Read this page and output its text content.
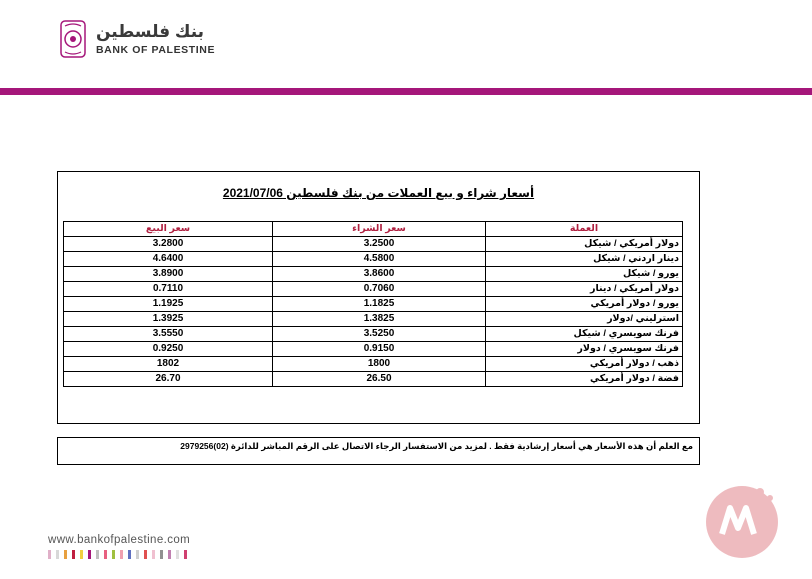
بنك فلسطين
BANK OF PALESTINE
أسعار شراء و بيع العملات من بنك فلسطين 2021/07/06
سعر البيع	سعر الشراء	العملة
3.2800	3.2500	دولار أمريكي / شيكل
4.6400	4.5800	دينار اردني / شيكل
3.8900	3.8600	يورو / شيكل
0.7110	0.7060	دولار أمريكي / دينار
1.1925	1.1825	يورو / دولار أمريكي
1.3925	1.3825	استرليني /دولار
3.5550	3.5250	فرنك سويسري / شيكل
0.9250	0.9150	فرنك سويسري / دولار
1802	1800	ذهب / دولار أمريكي
26.70	26.50	فضة / دولار أمريكي
مع العلم أن هذه الأسعار هي أسعار إرشادية فقط . لمزيد من الاستفسار الرجاء الاتصال على الرقم المباشر للدائرة (02)2979256
www.bankofpalestine.com
